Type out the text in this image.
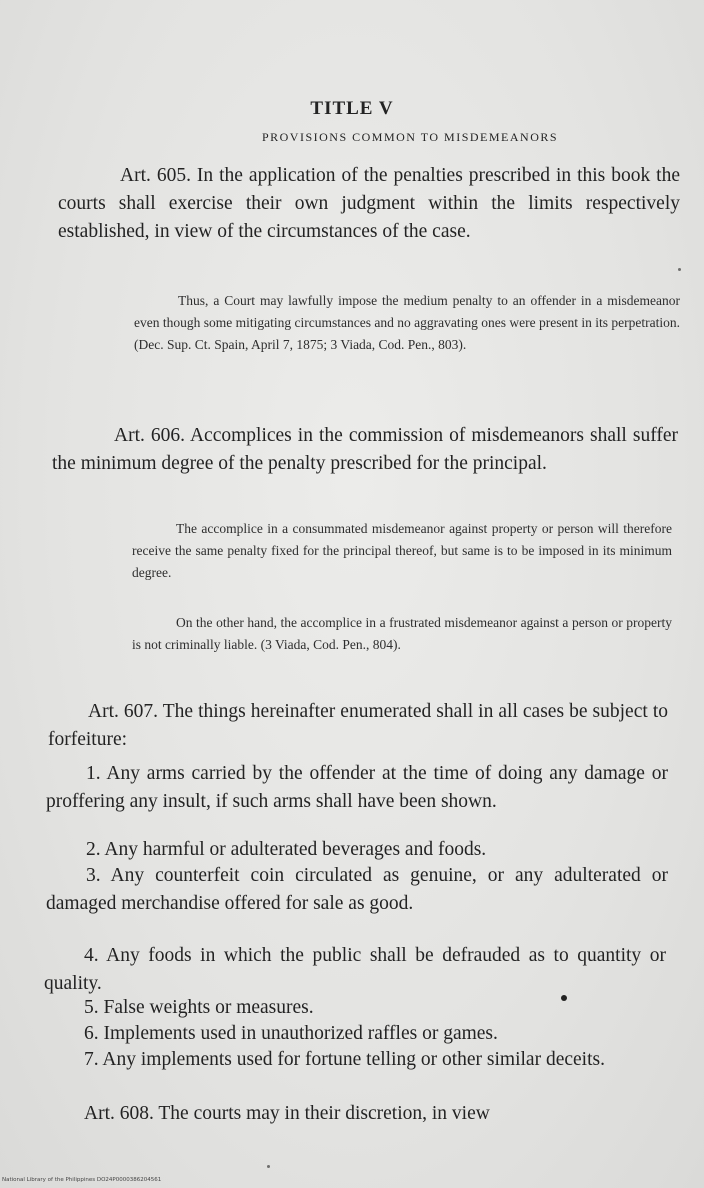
TITLE V
PROVISIONS COMMON TO MISDEMEANORS

Art. 605. In the application of the penalties prescribed in this book the courts shall exercise their own judgment within the limits respectively established, in view of the circumstances of the case.

Thus, a Court may lawfully impose the medium penalty to an offender in a misdemeanor even though some mitigating circumstances and no aggravating ones were present in its perpetration. (Dec. Sup. Ct. Spain, April 7, 1875; 3 Viada, Cod. Pen., 803).

Art. 606. Accomplices in the commission of misdemeanors shall suffer the minimum degree of the penalty prescribed for the principal.

The accomplice in a consummated misdemeanor against property or person will therefore receive the same penalty fixed for the principal thereof, but same is to be imposed in its minimum degree.

On the other hand, the accomplice in a frustrated misdemeanor against a person or property is not criminally liable. (3 Viada, Cod. Pen., 804).

Art. 607. The things hereinafter enumerated shall in all cases be subject to forfeiture:

1. Any arms carried by the offender at the time of doing any damage or proffering any insult, if such arms shall have been shown.

2. Any harmful or adulterated beverages and foods.

3. Any counterfeit coin circulated as genuine, or any adulterated or damaged merchandise offered for sale as good.

4. Any foods in which the public shall be defrauded as to quantity or quality.

5. False weights or measures.

6. Implements used in unauthorized raffles or games.

7. Any implements used for fortune telling or other similar deceits.

Art. 608. The courts may in their discretion, in view

National Library of the Philippines DO24P0000386204561
